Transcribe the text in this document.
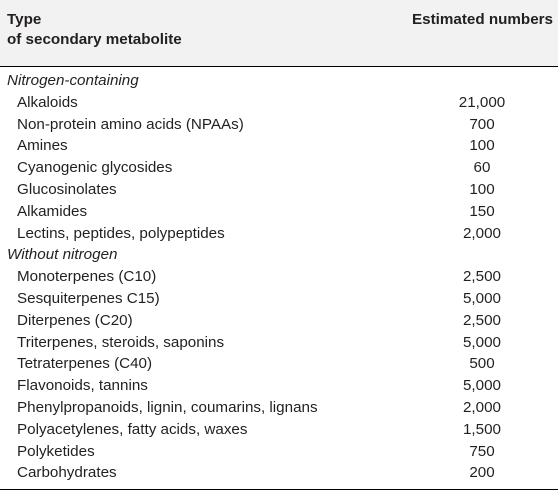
Type
of secondary metabolite
Estimated numbers
Nitrogen-containing
Alkaloids	21,000
Non-protein amino acids (NPAAs)	700
Amines	100
Cyanogenic glycosides	60
Glucosinolates	100
Alkamides	150
Lectins, peptides, polypeptides	2,000
Without nitrogen
Monoterpenes (C10)	2,500
Sesquiterpenes C15)	5,000
Diterpenes (C20)	2,500
Triterpenes, steroids, saponins	5,000
Tetraterpenes (C40)	500
Flavonoids, tannins	5,000
Phenylpropanoids, lignin, coumarins, lignans	2,000
Polyacetylenes, fatty acids, waxes	1,500
Polyketides	750
Carbohydrates	200
